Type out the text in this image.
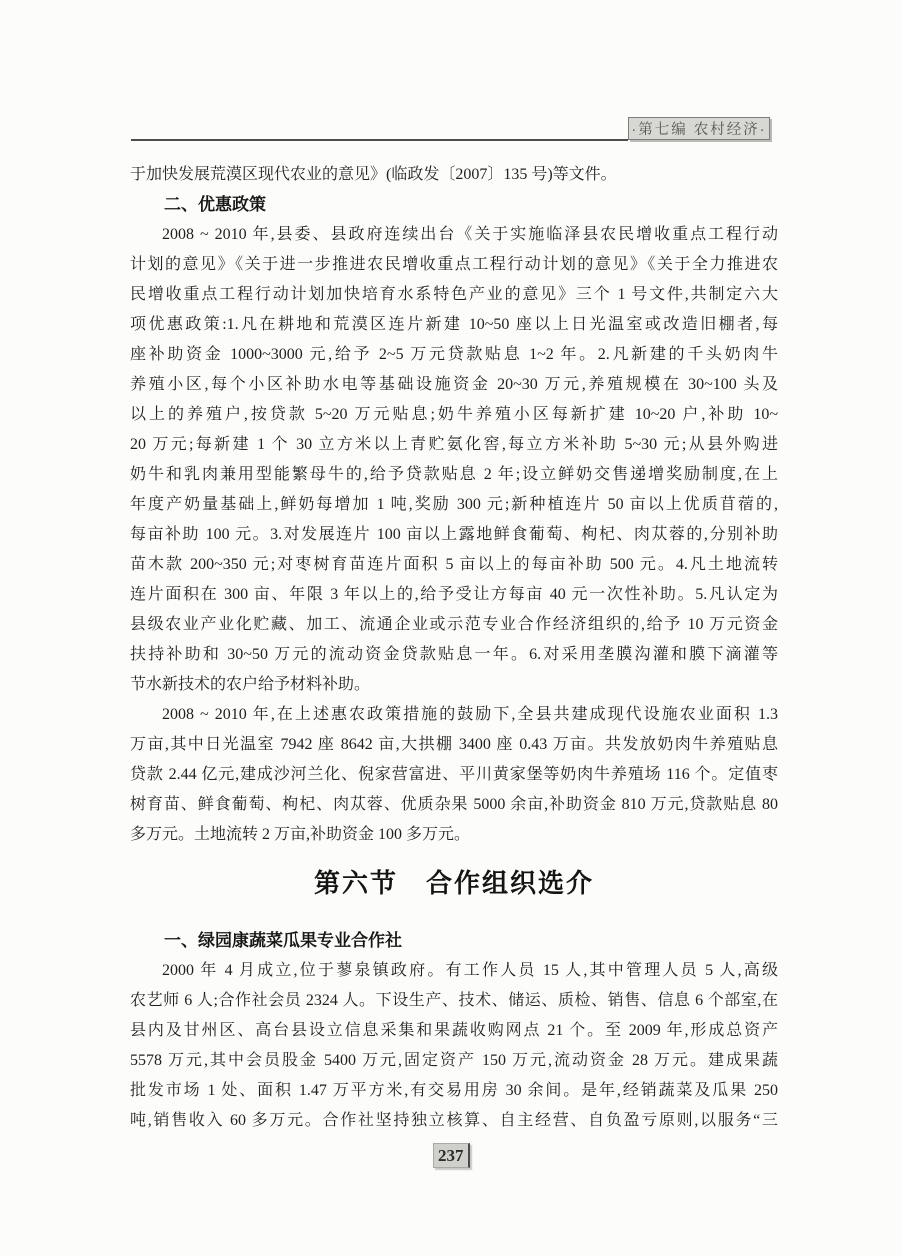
·第七编 农村经济·
于加快发展荒漠区现代农业的意见》(临政发〔2007〕135 号)等文件。
二、优惠政策
2008 ~ 2010 年,县委、县政府连续出台《关于实施临泽县农民增收重点工程行动
计划的意见》《关于进一步推进农民增收重点工程行动计划的意见》《关于全力推进农
民增收重点工程行动计划加快培育水系特色产业的意见》三个 1 号文件,共制定六大
项优惠政策:1.凡在耕地和荒漠区连片新建 10~50 座以上日光温室或改造旧棚者,每
座补助资金 1000~3000 元,给予 2~5 万元贷款贴息 1~2 年。2.凡新建的千头奶肉牛
养殖小区,每个小区补助水电等基础设施资金 20~30 万元,养殖规模在 30~100 头及
以上的养殖户,按贷款 5~20 万元贴息;奶牛养殖小区每新扩建 10~20 户,补助 10~
20 万元;每新建 1 个 30 立方米以上青贮氨化窖,每立方米补助 5~30 元;从县外购进
奶牛和乳肉兼用型能繁母牛的,给予贷款贴息 2 年;设立鲜奶交售递增奖励制度,在上
年度产奶量基础上,鲜奶每增加 1 吨,奖励 300 元;新种植连片 50 亩以上优质苜蓿的,
每亩补助 100 元。3.对发展连片 100 亩以上露地鲜食葡萄、枸杞、肉苁蓉的,分别补助
苗木款 200~350 元;对枣树育苗连片面积 5 亩以上的每亩补助 500 元。4.凡土地流转
连片面积在 300 亩、年限 3 年以上的,给予受让方每亩 40 元一次性补助。5.凡认定为
县级农业产业化贮藏、加工、流通企业或示范专业合作经济组织的,给予 10 万元资金
扶持补助和 30~50 万元的流动资金贷款贴息一年。6.对采用垄膜沟灌和膜下滴灌等
节水新技术的农户给予材料补助。
2008 ~ 2010 年,在上述惠农政策措施的鼓励下,全县共建成现代设施农业面积 1.3
万亩,其中日光温室 7942 座 8642 亩,大拱棚 3400 座 0.43 万亩。共发放奶肉牛养殖贴息
贷款 2.44 亿元,建成沙河兰化、倪家营富进、平川黄家堡等奶肉牛养殖场 116 个。定值枣
树育苗、鲜食葡萄、枸杞、肉苁蓉、优质杂果 5000 余亩,补助资金 810 万元,贷款贴息 80
多万元。土地流转 2 万亩,补助资金 100 多万元。
第六节　合作组织选介
一、绿园康蔬菜瓜果专业合作社
2000 年 4 月成立,位于蓼泉镇政府。有工作人员 15 人,其中管理人员 5 人,高级
农艺师 6 人;合作社会员 2324 人。下设生产、技术、储运、质检、销售、信息 6 个部室,在
县内及甘州区、高台县设立信息采集和果蔬收购网点 21 个。至 2009 年,形成总资产
5578 万元,其中会员股金 5400 万元,固定资产 150 万元,流动资金 28 万元。建成果蔬
批发市场 1 处、面积 1.47 万平方米,有交易用房 30 余间。是年,经销蔬菜及瓜果 250
吨,销售收入 60 多万元。合作社坚持独立核算、自主经营、自负盈亏原则,以服务“三
237
